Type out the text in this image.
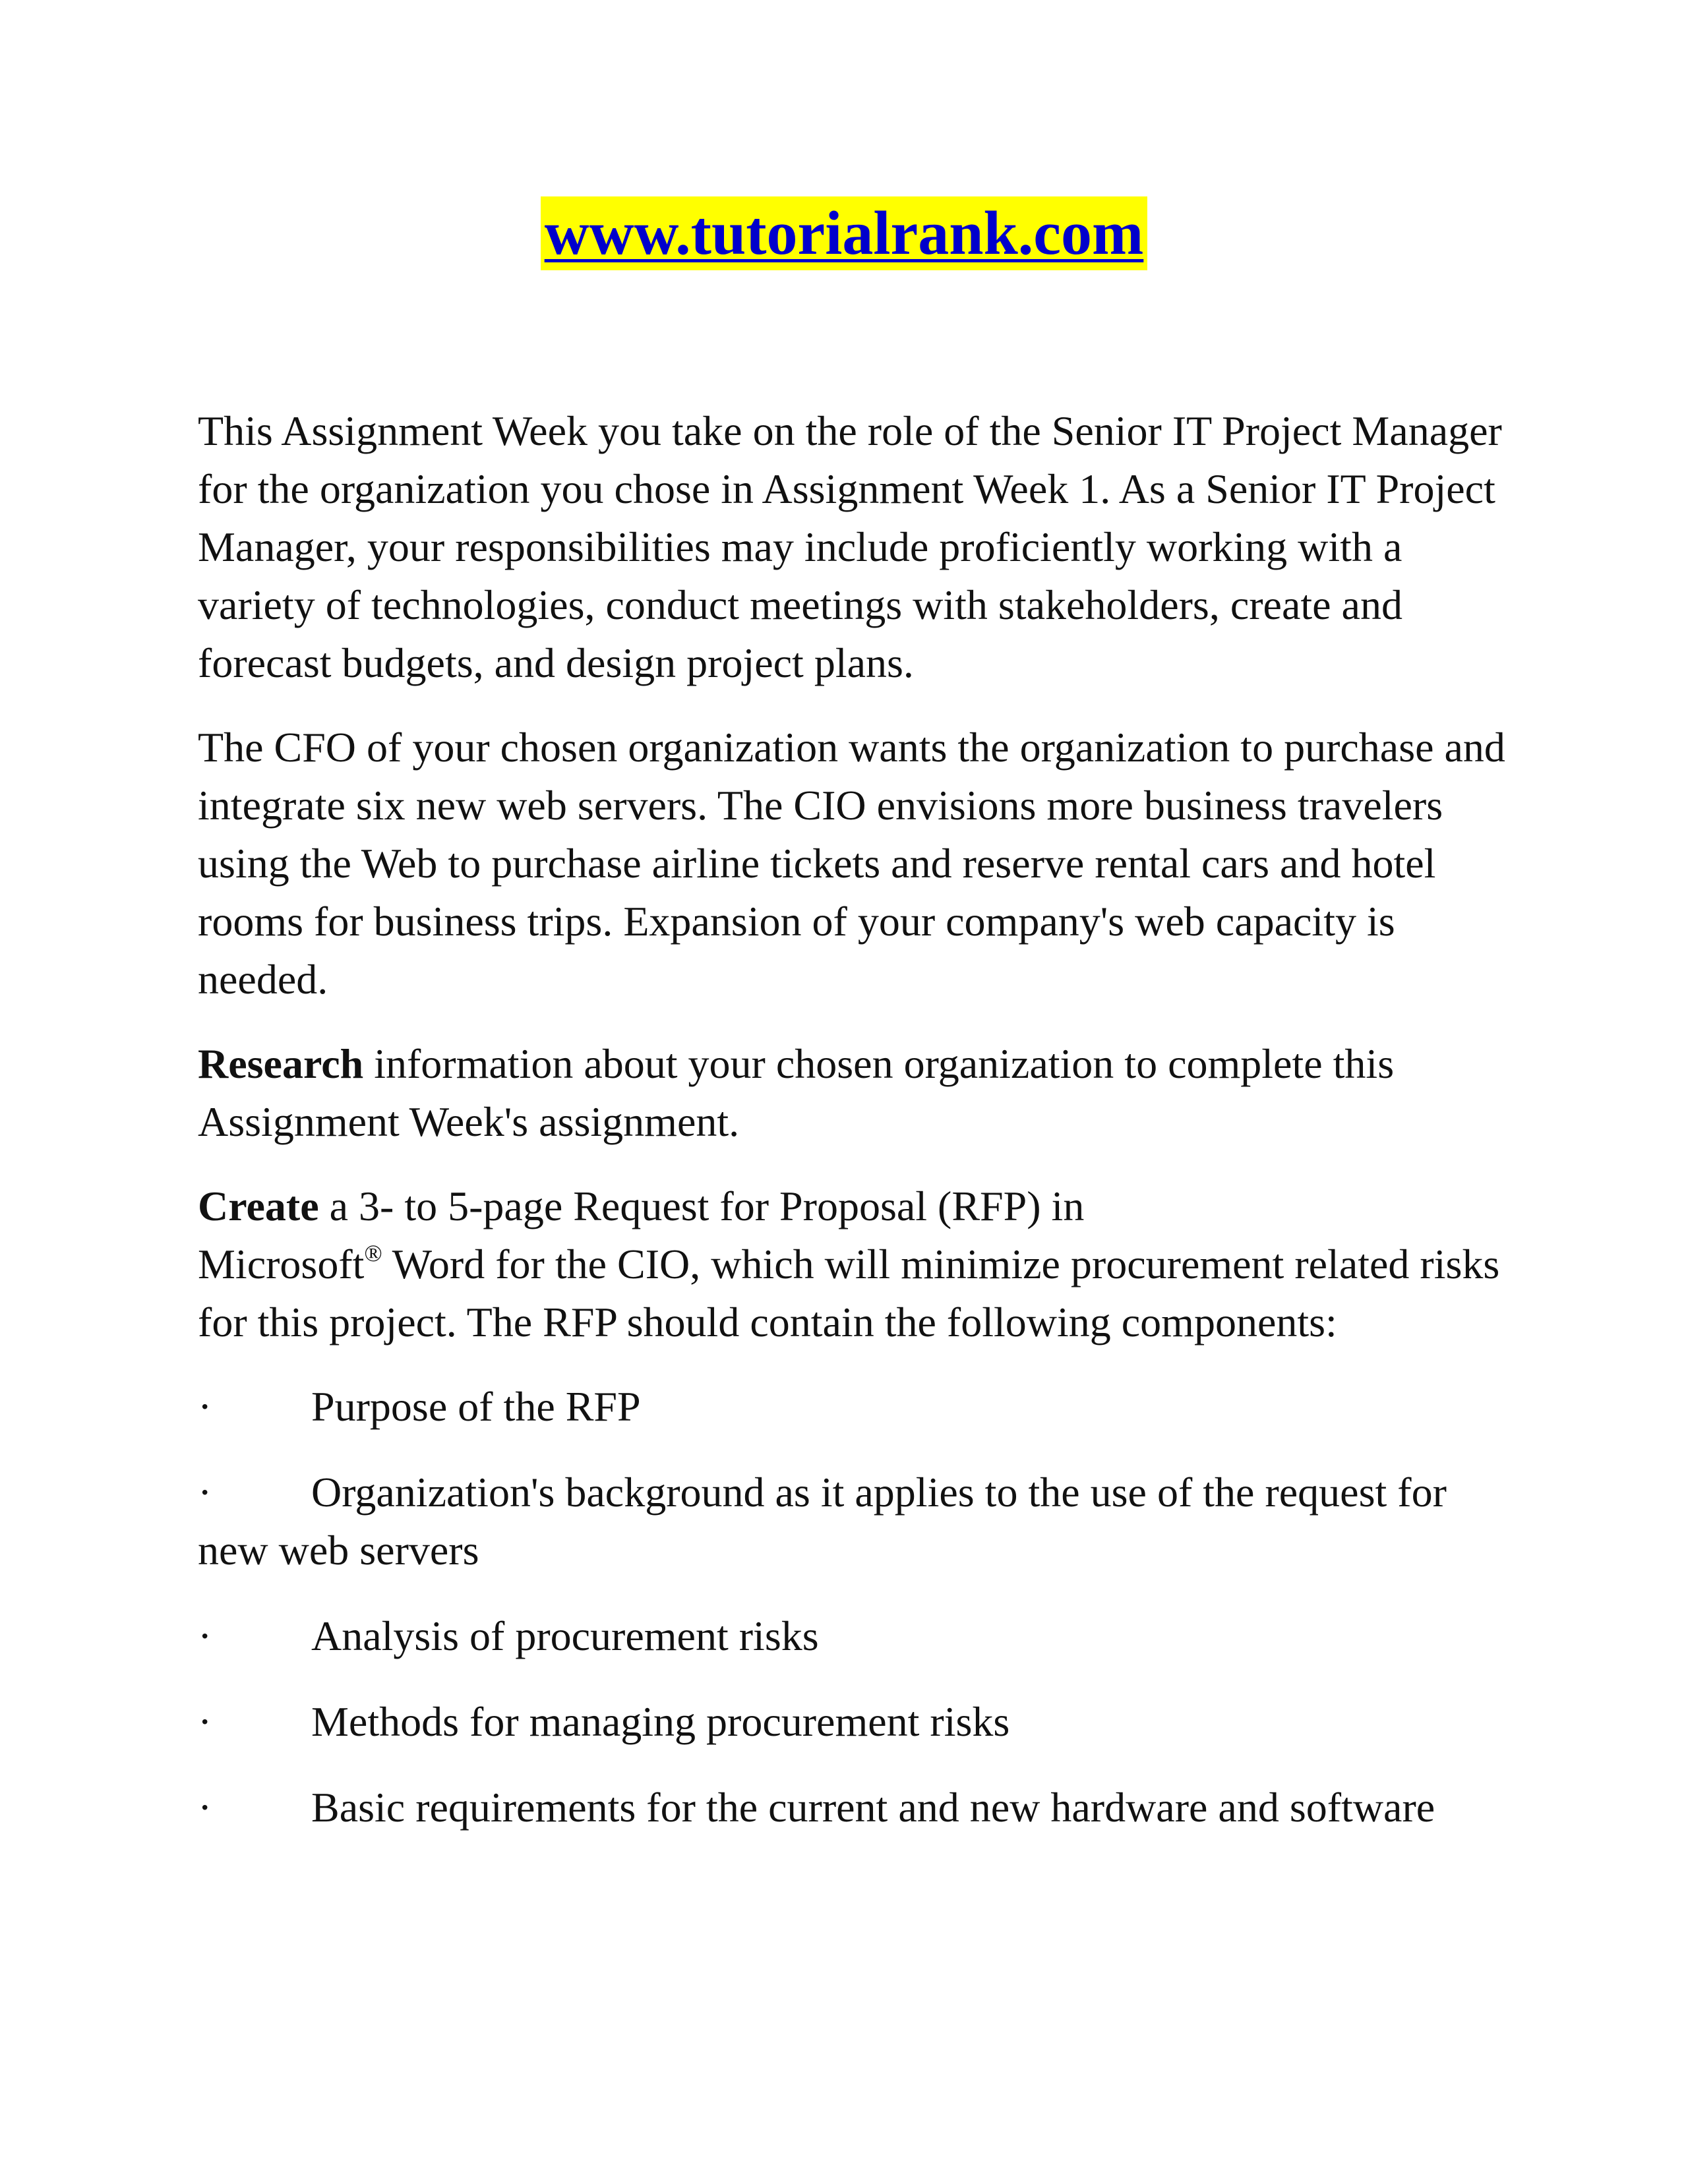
www.tutorialrank.com

This Assignment Week you take on the role of the Senior IT Project Manager for the organization you chose in Assignment Week 1. As a Senior IT Project Manager, your responsibilities may include proficiently working with a variety of technologies, conduct meetings with stakeholders, create and forecast budgets, and design project plans.

The CFO of your chosen organization wants the organization to purchase and integrate six new web servers. The CIO envisions more business travelers using the Web to purchase airline tickets and reserve rental cars and hotel rooms for business trips. Expansion of your company's web capacity is needed.

Research information about your chosen organization to complete this Assignment Week's assignment.

Create a 3- to 5-page Request for Proposal (RFP) in
Microsoft® Word for the CIO, which will minimize procurement related risks for this project. The RFP should contain the following components:

· Purpose of the RFP
· Organization's background as it applies to the use of the request for new web servers
· Analysis of procurement risks
· Methods for managing procurement risks
· Basic requirements for the current and new hardware and software
